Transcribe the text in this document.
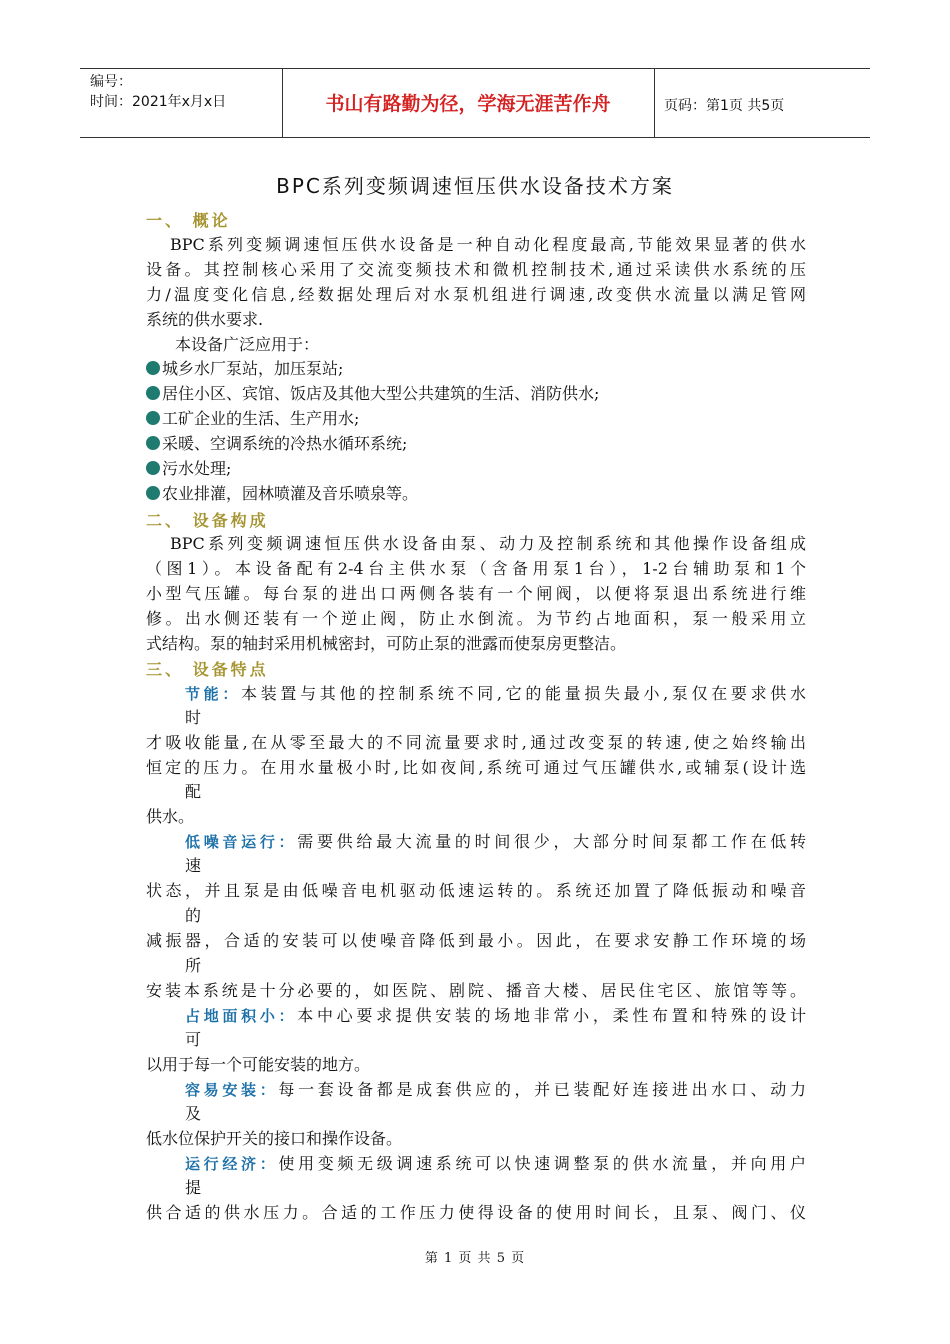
编号：
时间：2021年x月x日	书山有路勤为径，学海无涯苦作舟	页码：第1页 共5页
BPC系列变频调速恒压供水设备技术方案
一、 概论
BPC系列变频调速恒压供水设备是一种自动化程度最高,节能效果显著的供水
设备。其控制核心采用了交流变频技术和微机控制技术,通过采读供水系统的压
力/温度变化信息,经数据处理后对水泵机组进行调速,改变供水流量以满足管网
系统的供水要求.
本设备广泛应用于：
城乡水厂泵站，加压泵站;
居住小区、宾馆、饭店及其他大型公共建筑的生活、消防供水;
工矿企业的生活、生产用水;
采暖、空调系统的冷热水循环系统;
污水处理;
农业排灌，园林喷灌及音乐喷泉等。
二、 设备构成
BPC系列变频调速恒压供水设备由泵、动力及控制系统和其他操作设备组成
（图1）。本设备配有2-4台主供水泵（含备用泵1台），1-2台辅助泵和1个
小型气压罐。每台泵的进出口两侧各装有一个闸阀，以便将泵退出系统进行维
修。出水侧还装有一个逆止阀，防止水倒流。为节约占地面积，泵一般采用立
式结构。泵的轴封采用机械密封，可防止泵的泄露而使泵房更整洁。
三、 设备特点
节能：本装置与其他的控制系统不同,它的能量损失最小,泵仅在要求供水
时
才吸收能量,在从零至最大的不同流量要求时,通过改变泵的转速,使之始终输出
恒定的压力。在用水量极小时,比如夜间,系统可通过气压罐供水,或辅泵(设计选
配
供水。
低噪音运行：需要供给最大流量的时间很少，大部分时间泵都工作在低转
速
状态，并且泵是由低噪音电机驱动低速运转的。系统还加置了降低振动和噪音
的
减振器，合适的安装可以使噪音降低到最小。因此，在要求安静工作环境的场
所
安装本系统是十分必要的，如医院、剧院、播音大楼、居民住宅区、旅馆等等。
占地面积小：本中心要求提供安装的场地非常小，柔性布置和特殊的设计
可
以用于每一个可能安装的地方。
容易安装：每一套设备都是成套供应的，并已装配好连接进出水口、动力
及
低水位保护开关的接口和操作设备。
运行经济：使用变频无级调速系统可以快速调整泵的供水流量，并向用户
提
供合适的供水压力。合适的工作压力使得设备的使用时间长，且泵、阀门、仪
第 1 页 共 5 页
